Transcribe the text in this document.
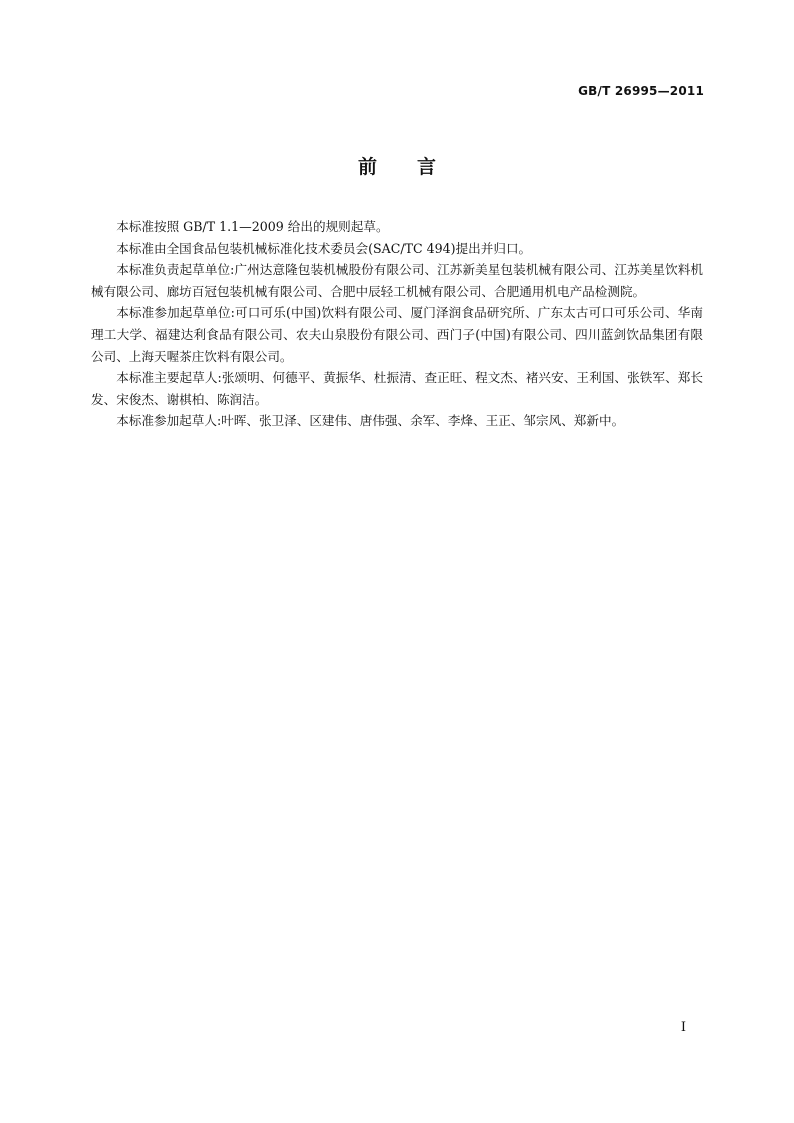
GB/T 26995—2011
前言

本标准按照 GB/T 1.1—2009 给出的规则起草。

本标准由全国食品包装机械标准化技术委员会(SAC/TC 494)提出并归口。

本标准负责起草单位:广州达意隆包装机械股份有限公司、江苏新美星包装机械有限公司、江苏美星饮料机械有限公司、廊坊百冠包装机械有限公司、合肥中辰轻工机械有限公司、合肥通用机电产品检测院。

本标准参加起草单位:可口可乐(中国)饮料有限公司、厦门泽润食品研究所、广东太古可口可乐公司、华南理工大学、福建达利食品有限公司、农夫山泉股份有限公司、西门子(中国)有限公司、四川蓝剑饮品集团有限公司、上海天喔茶庄饮料有限公司。

本标准主要起草人:张颂明、何德平、黄振华、杜振清、查正旺、程文杰、褚兴安、王利国、张铁军、郑长发、宋俊杰、谢棋柏、陈润洁。

本标准参加起草人:叶晖、张卫泽、区建伟、唐伟强、余军、李烽、王正、邹宗风、郑新中。

I
